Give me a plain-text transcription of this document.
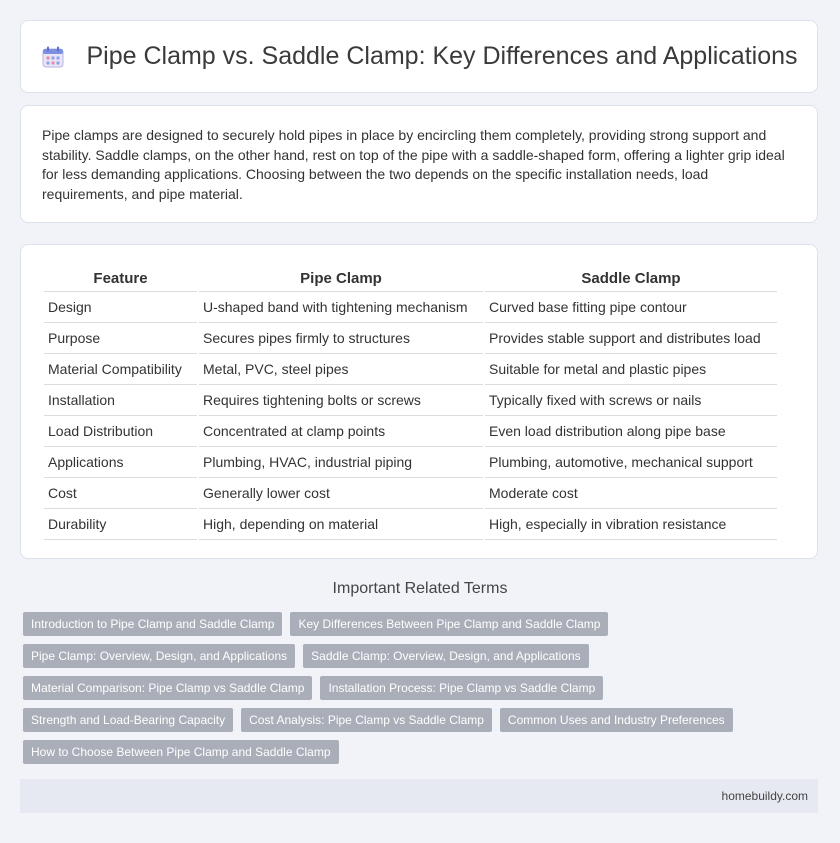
Pipe Clamp vs. Saddle Clamp: Key Differences and Applications

Pipe clamps are designed to securely hold pipes in place by encircling them completely, providing strong support and stability. Saddle clamps, on the other hand, rest on top of the pipe with a saddle-shaped form, offering a lighter grip ideal for less demanding applications. Choosing between the two depends on the specific installation needs, load requirements, and pipe material.

Feature	Pipe Clamp	Saddle Clamp
Design	U-shaped band with tightening mechanism	Curved base fitting pipe contour
Purpose	Secures pipes firmly to structures	Provides stable support and distributes load
Material Compatibility	Metal, PVC, steel pipes	Suitable for metal and plastic pipes
Installation	Requires tightening bolts or screws	Typically fixed with screws or nails
Load Distribution	Concentrated at clamp points	Even load distribution along pipe base
Applications	Plumbing, HVAC, industrial piping	Plumbing, automotive, mechanical support
Cost	Generally lower cost	Moderate cost
Durability	High, depending on material	High, especially in vibration resistance
Important Related Terms
Introduction to Pipe Clamp and Saddle Clamp	Key Differences Between Pipe Clamp and Saddle Clamp
Pipe Clamp: Overview, Design, and Applications	Saddle Clamp: Overview, Design, and Applications
Material Comparison: Pipe Clamp vs Saddle Clamp	Installation Process: Pipe Clamp vs Saddle Clamp
Strength and Load-Bearing Capacity	Cost Analysis: Pipe Clamp vs Saddle Clamp	Common Uses and Industry Preferences
How to Choose Between Pipe Clamp and Saddle Clamp
homebuildy.com
